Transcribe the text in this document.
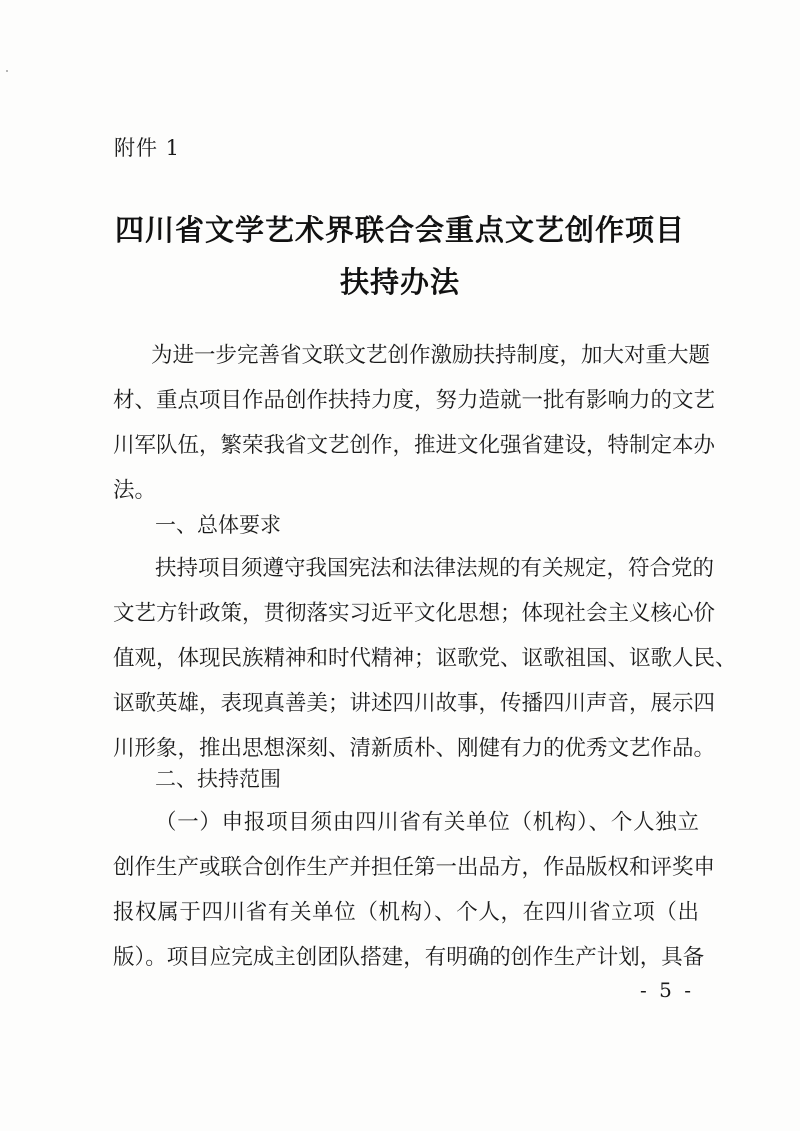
附件 1
四川省文学艺术界联合会重点文艺创作项目
扶持办法
为进一步完善省文联文艺创作激励扶持制度，加大对重大题
材、重点项目作品创作扶持力度，努力造就一批有影响力的文艺
川军队伍，繁荣我省文艺创作，推进文化强省建设，特制定本办
法。
一、总体要求
扶持项目须遵守我国宪法和法律法规的有关规定，符合党的
文艺方针政策，贯彻落实习近平文化思想；体现社会主义核心价
值观，体现民族精神和时代精神；讴歌党、讴歌祖国、讴歌人民、
讴歌英雄，表现真善美；讲述四川故事，传播四川声音，展示四
川形象，推出思想深刻、清新质朴、刚健有力的优秀文艺作品。
二、扶持范围
（一）申报项目须由四川省有关单位（机构）、个人独立
创作生产或联合创作生产并担任第一出品方，作品版权和评奖申
报权属于四川省有关单位（机构）、个人，在四川省立项（出
版）。项目应完成主创团队搭建，有明确的创作生产计划，具备
- 5 -
